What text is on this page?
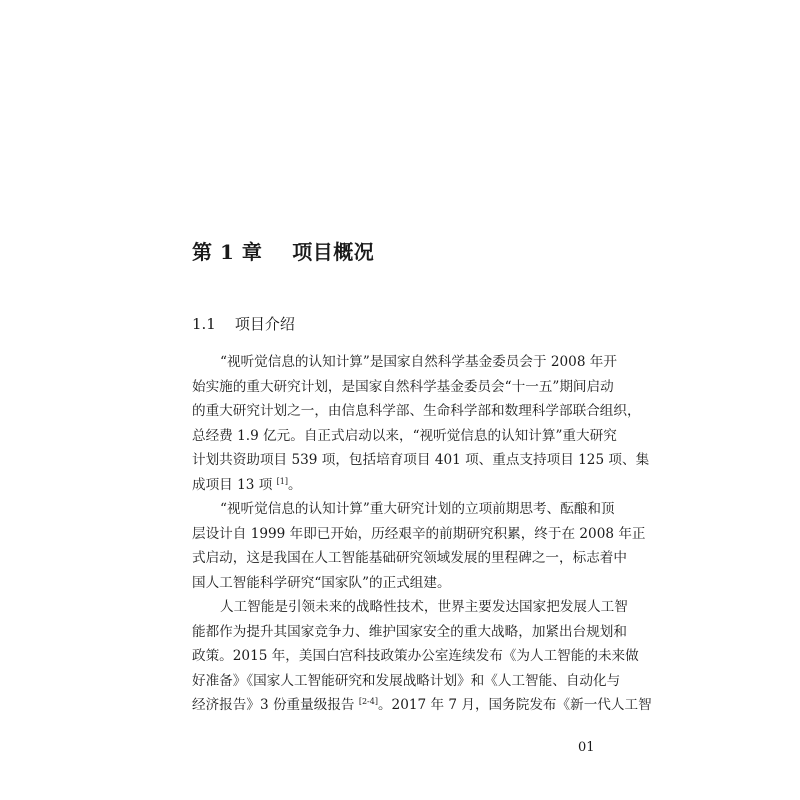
第 1 章    项目概况
1.1    项目介绍
“视听觉信息的认知计算”是国家自然科学基金委员会于 2008 年开
始实施的重大研究计划，是国家自然科学基金委员会“十一五”期间启动
的重大研究计划之一，由信息科学部、生命科学部和数理科学部联合组织，
总经费 1.9 亿元。自正式启动以来，“视听觉信息的认知计算”重大研究
计划共资助项目 539 项，包括培育项目 401 项、重点支持项目 125 项、集
成项目 13 项 [1]。
“视听觉信息的认知计算”重大研究计划的立项前期思考、酝酿和顶
层设计自 1999 年即已开始，历经艰辛的前期研究积累，终于在 2008 年正
式启动，这是我国在人工智能基础研究领域发展的里程碑之一，标志着中
国人工智能科学研究“国家队”的正式组建。
人工智能是引领未来的战略性技术，世界主要发达国家把发展人工智
能都作为提升其国家竞争力、维护国家安全的重大战略，加紧出台规划和
政策。2015 年，美国白宫科技政策办公室连续发布《为人工智能的未来做
好准备》《国家人工智能研究和发展战略计划》和《人工智能、自动化与
经济报告》3 份重量级报告 [2-4]。2017 年 7 月，国务院发布《新一代人工智
01
